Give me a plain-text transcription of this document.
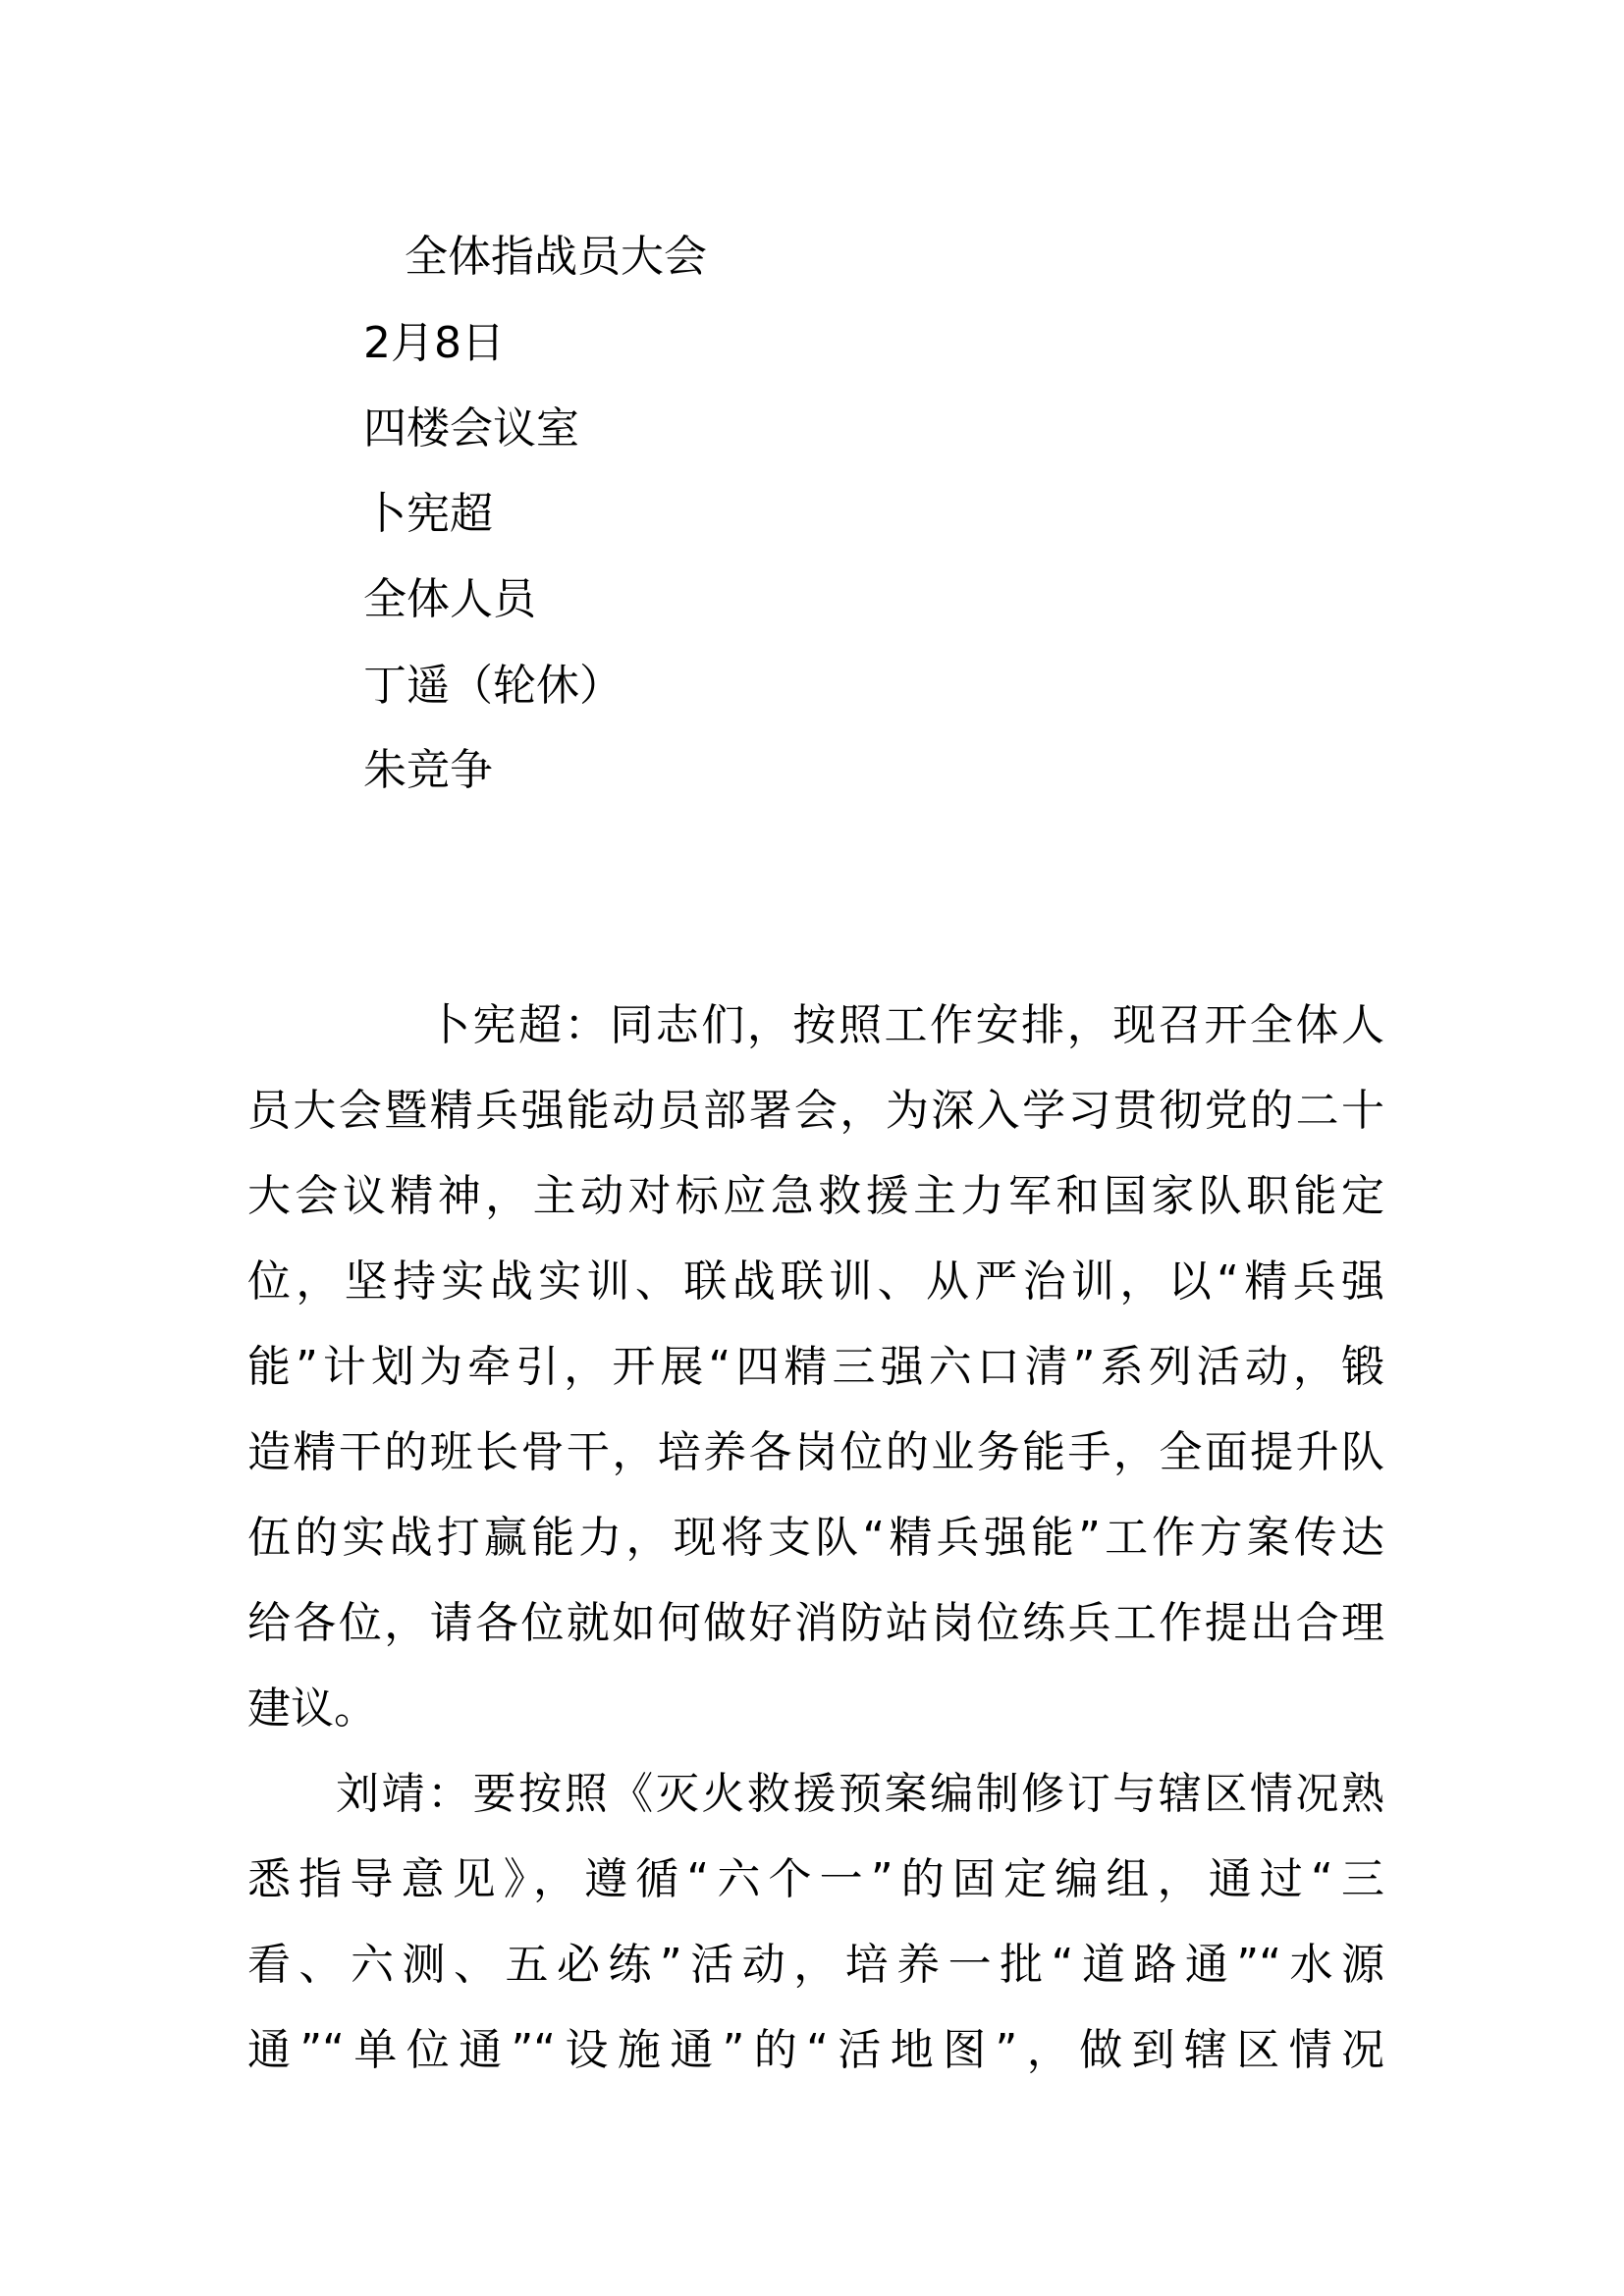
全体指战员大会
2月8日
四楼会议室
卜宪超
全体人员
丁遥（轮休）
朱竞争
卜宪超：同志们，按照工作安排，现召开全体人
员大会暨精兵强能动员部署会，为深入学习贯彻党的二十
大会议精神，主动对标应急救援主力军和国家队职能定
位，坚持实战实训、联战联训、从严治训，以“精兵强
能”计划为牵引，开展“四精三强六口清”系列活动，锻
造精干的班长骨干，培养各岗位的业务能手，全面提升队
伍的实战打赢能力，现将支队“精兵强能”工作方案传达
给各位，请各位就如何做好消防站岗位练兵工作提出合理
建议。
刘靖：要按照《灭火救援预案编制修订与辖区情况熟
悉指导意见》，遵循“六个一”的固定编组，通过“三
看、六测、五必练”活动，培养一批“道路通”“水源
通”“单位通”“设施通”的“活地图”，做到辖区情况
